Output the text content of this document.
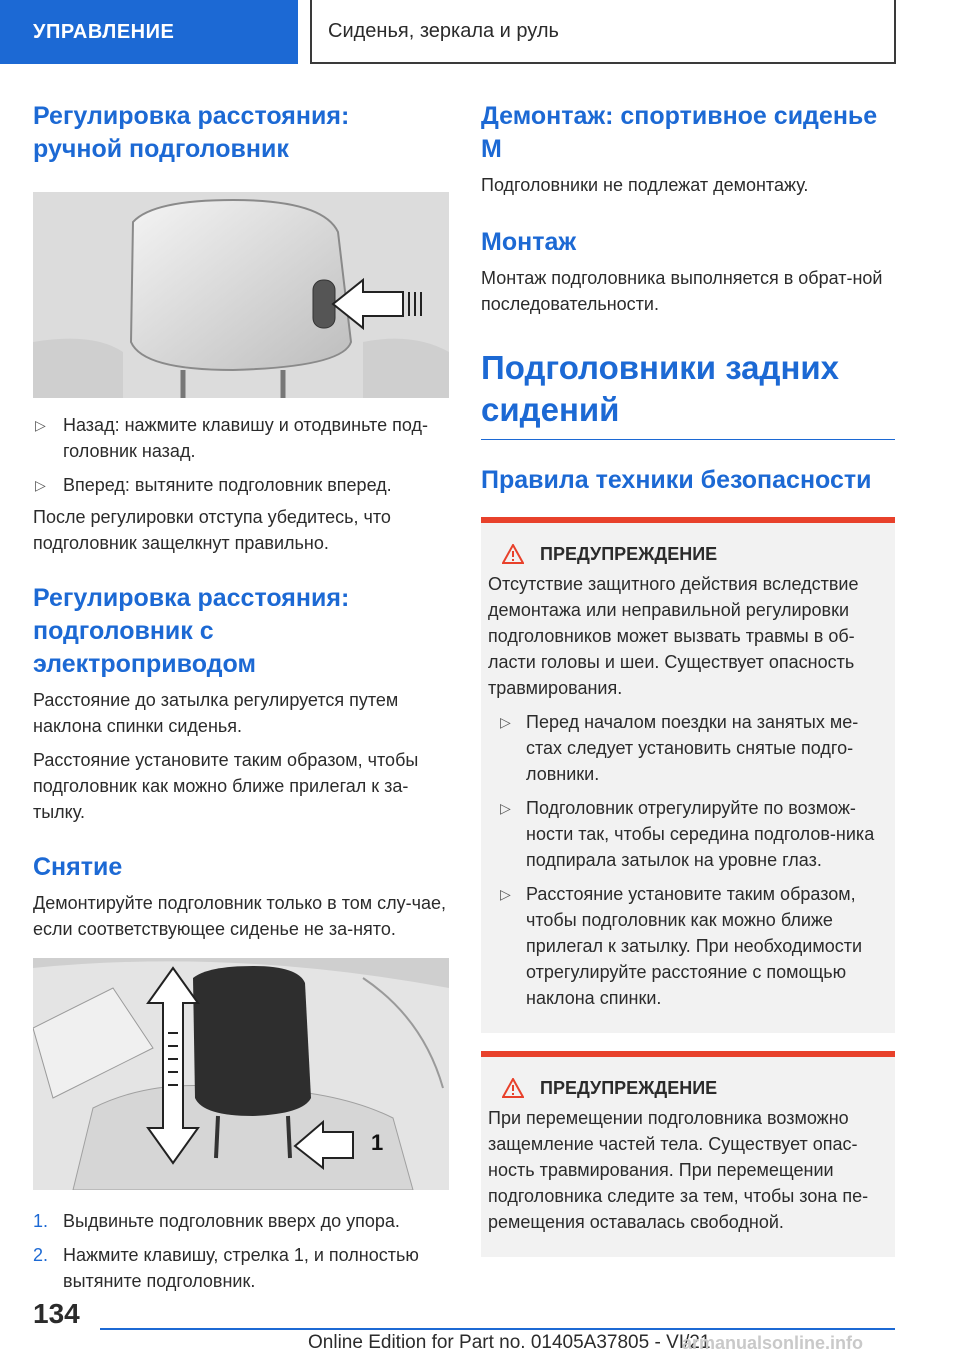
УПРАВЛЕНИЕ	Сиденья, зеркала и руль
Регулировка расстояния: ручной подголовник
▷ Назад: нажмите клавишу и отодвиньте под-головник назад.
▷ Вперед: вытяните подголовник вперед.

После регулировки отступа убедитесь, что подголовник защелкнут правильно.

Регулировка расстояния: подголовник с электроприводом

Расстояние до затылка регулируется путем наклона спинки сиденья.

Расстояние установите таким образом, чтобы подголовник как можно ближе прилегал к за-тылку.

Снятие

Демонтируйте подголовник только в том слу-чае, если соответствующее сиденье не за-нято.

1
1. Выдвиньте подголовник вверх до упора.
2. Нажмите клавишу, стрелка 1, и полностью вытяните подголовник.
Демонтаж: спортивное сиденье M

Подголовники не подлежат демонтажу.

Монтаж

Монтаж подголовника выполняется в обрат-ной последовательности.

Подголовники задних сидений
Правила техники безопасности
ПРЕДУПРЕЖДЕНИЕ

Отсутствие защитного действия вследствие демонтажа или неправильной регулировки подголовников может вызвать травмы в об-ласти головы и шеи. Существует опасность травмирования.

▷ Перед началом поездки на занятых ме-стах следует установить снятые подго-ловники.
▷ Подголовник отрегулируйте по возмож-ности так, чтобы середина подголов-ника подпирала затылок на уровне глаз.
▷ Расстояние установите таким образом, чтобы подголовник как можно ближе прилегал к затылку. При необходимости отрегулируйте расстояние с помощью наклона спинки.
ПРЕДУПРЕЖДЕНИЕ

При перемещении подголовника возможно защемление частей тела. Существует опас-ность травмирования. При перемещении подголовника следите за тем, чтобы зона пе-ремещения оставалась свободной.

134
Online Edition for Part no. 01405A37805 - VI/21
armanualsonline.info
